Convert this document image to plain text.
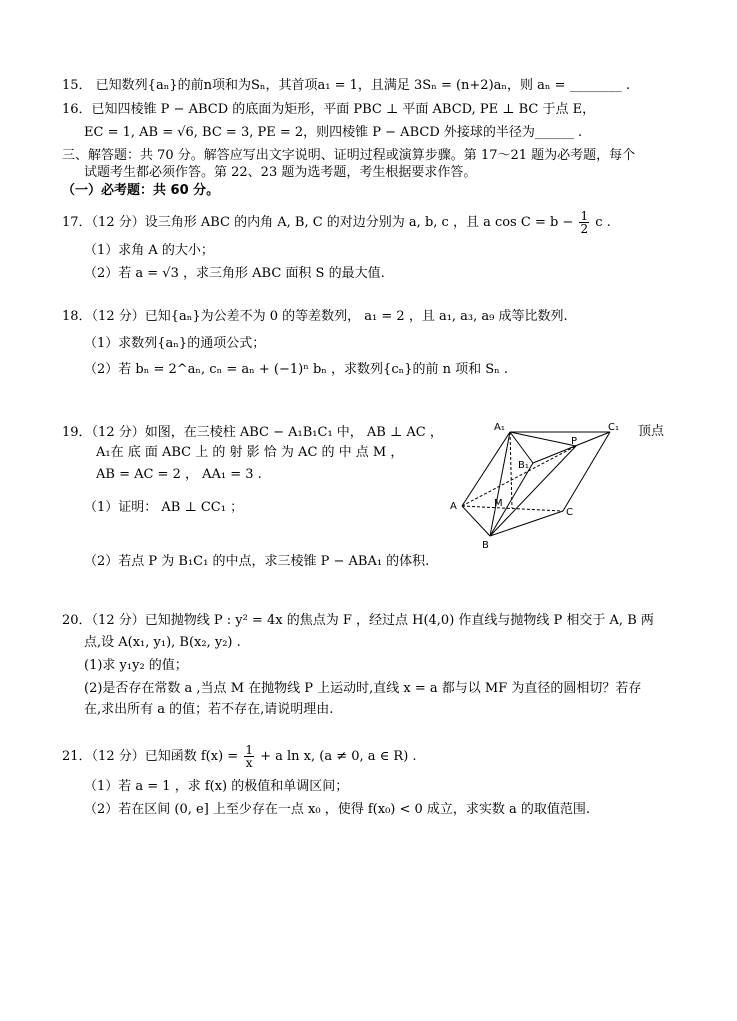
15． 已知数列{aₙ}的前n项和为Sₙ，其首项a₁ = 1，且满足 3Sₙ = (n+2)aₙ，则 aₙ = ________ .
16．已知四棱锥 P − ABCD 的底面为矩形，平面 PBC ⊥ 平面 ABCD, PE ⊥ BC 于点 E，
EC = 1, AB = √6, BC = 3, PE = 2，则四棱锥 P − ABCD 外接球的半径为______ .
三、解答题：共 70 分。解答应写出文字说明、证明过程或演算步骤。第 17～21 题为必考题，每个
试题考生都必须作答。第 22、23 题为选考题，考生根据要求作答。
（一）必考题：共 60 分。
17．（12 分）设三角形 ABC 的内角 A, B, C 的对边分别为 a, b, c ，且 a $\cos C = b - \frac{1}{2}$ c .
（1）求角 A 的大小；
（2）若 a = √3 ，求三角形 ABC 面积 S 的最大值.
18．（12 分）已知{aₙ}为公差不为 0 的等差数列， a₁ = 2 ，且 a₁, a₃, a₉ 成等比数列.
（1）求数列{aₙ}的通项公式；
（2）若 bₙ = 2^aₙ, cₙ = aₙ + (−1)ⁿ bₙ ，求数列{cₙ}的前 n 项和 Sₙ .
19．（12 分）如图，在三棱柱 ABC − A₁B₁C₁ 中， AB ⊥ AC ，	顶点
A₁在 底 面 ABC 上 的 射 影 恰 为 AC 的 中 点 M ，
AB = AC = 2 ， AA₁ = 3 .
（1）证明： AB ⊥ CC₁ ；
（2）若点 P 为 B₁C₁ 的中点，求三棱锥 P − ABA₁ 的体积.
A₁	C₁
P
B₁
A	M
C
B
20．（12 分）已知抛物线 P : y² = 4x 的焦点为 F ，经过点 H(4,0) 作直线与抛物线 P 相交于 A, B 两
点,设 A(x₁, y₁), B(x₂, y₂) .
(1)求 y₁y₂ 的值；
(2)是否存在常数 a ,当点 M 在抛物线 P 上运动时,直线 x = a 都与以 MF 为直径的圆相切？若存
在,求出所有 a 的值；若不存在,请说明理由.
21．（12 分）已知函数 $f(x) = \frac{1}{x} + a$ ln x, (a ≠ 0, a ∈ R) .
（1）若 a = 1 ，求 f(x) 的极值和单调区间；
（2）若在区间 (0, e] 上至少存在一点 x₀ ，使得 f(x₀) < 0 成立，求实数 a 的取值范围.
